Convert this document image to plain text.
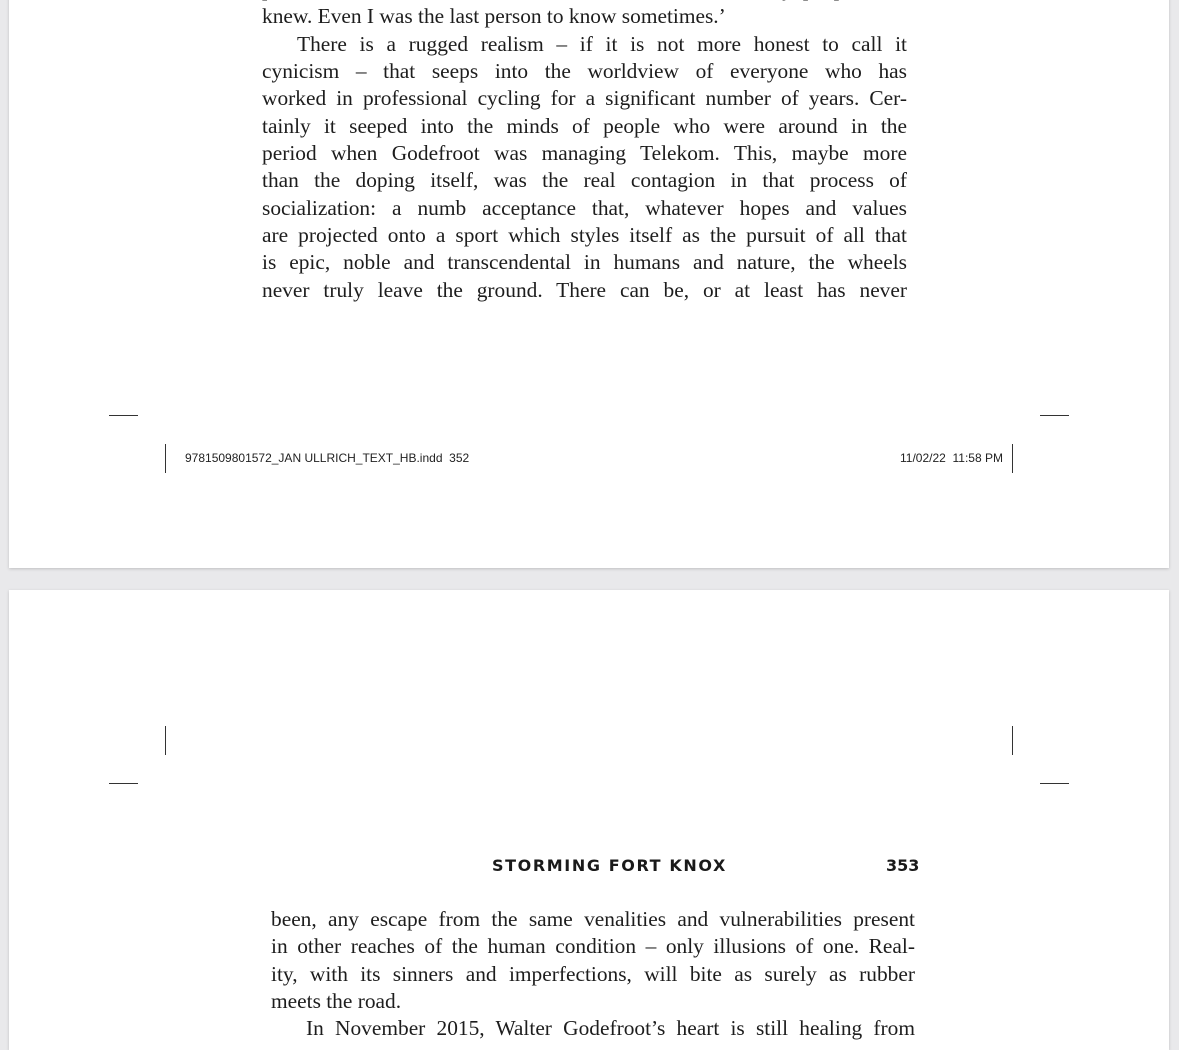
knew. Even I was the last person to know sometimes.’

There is a rugged realism – if it is not more honest to call it
cynicism – that seeps into the worldview of everyone who has
worked in professional cycling for a significant number of years. Cer-
tainly it seeped into the minds of people who were around in the
period when Godefroot was managing Telekom. This, maybe more
than the doping itself, was the real contagion in that process of
socialization: a numb acceptance that, whatever hopes and values
are projected onto a sport which styles itself as the pursuit of all that
is epic, noble and transcendental in humans and nature, the wheels
never truly leave the ground. There can be, or at least has never

9781509801572_JAN ULLRICH_TEXT_HB.indd 352	11/02/22 11:58 PM
STORMING FORT KNOX	353

been, any escape from the same venalities and vulnerabilities present
in other reaches of the human condition – only illusions of one. Real-
ity, with its sinners and imperfections, will bite as surely as rubber
meets the road.

In November 2015, Walter Godefroot’s heart is still healing from
